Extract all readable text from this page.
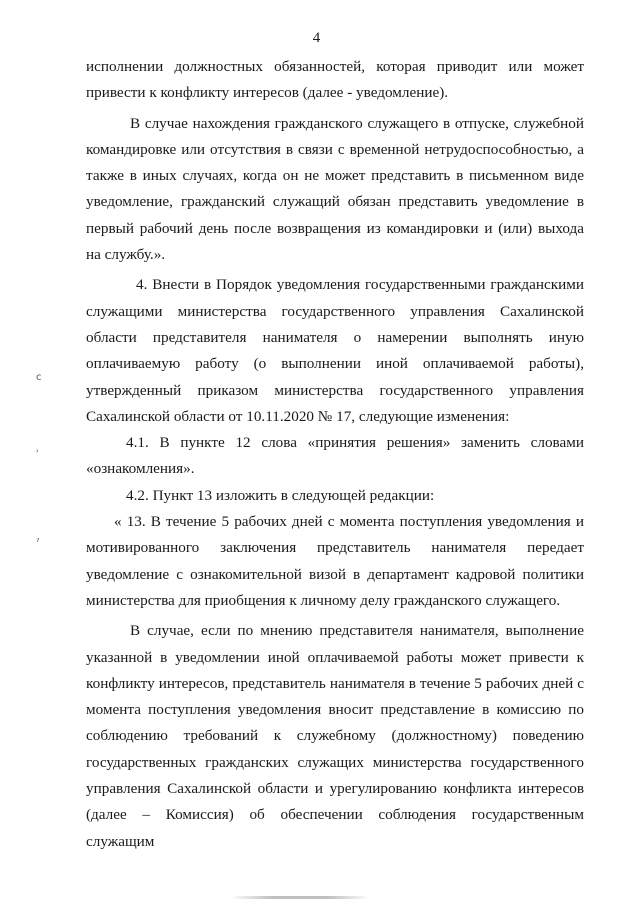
4

исполнении должностных обязанностей, которая приводит или может привести к конфликту интересов (далее - уведомление).

В случае нахождения гражданского служащего в отпуске, служебной командировке или отсутствия в связи с временной нетрудоспособностью, а также в иных случаях, когда он не может представить в письменном виде уведомление, гражданский служащий обязан представить уведомление в первый рабочий день после возвращения из командировки и (или) выхода на службу.».

4. Внести в Порядок уведомления государственными гражданскими служащими министерства государственного управления Сахалинской области представителя нанимателя о намерении выполнять иную оплачиваемую работу (о выполнении иной оплачиваемой работы), утвержденный приказом министерства государственного управления Сахалинской области от 10.11.2020 № 17, следующие изменения:

4.1. В пункте 12 слова «принятия решения» заменить словами «ознакомления».

4.2. Пункт 13 изложить в следующей редакции:

« 13. В течение 5 рабочих дней с момента поступления уведомления и мотивированного заключения представитель нанимателя передает уведомление с ознакомительной визой в департамент кадровой политики министерства для приобщения к личному делу гражданского служащего.

В случае, если по мнению представителя нанимателя, выполнение указанной в уведомлении иной оплачиваемой работы может привести к конфликту интересов, представитель нанимателя в течение 5 рабочих дней с момента поступления уведомления вносит представление в комиссию по соблюдению требований к служебному (должностному) поведению государственных гражданских служащих министерства государственного управления Сахалинской области и урегулированию конфликта интересов (далее – Комиссия) об обеспечении соблюдения государственным служащим

c
ʾ
ˀ
